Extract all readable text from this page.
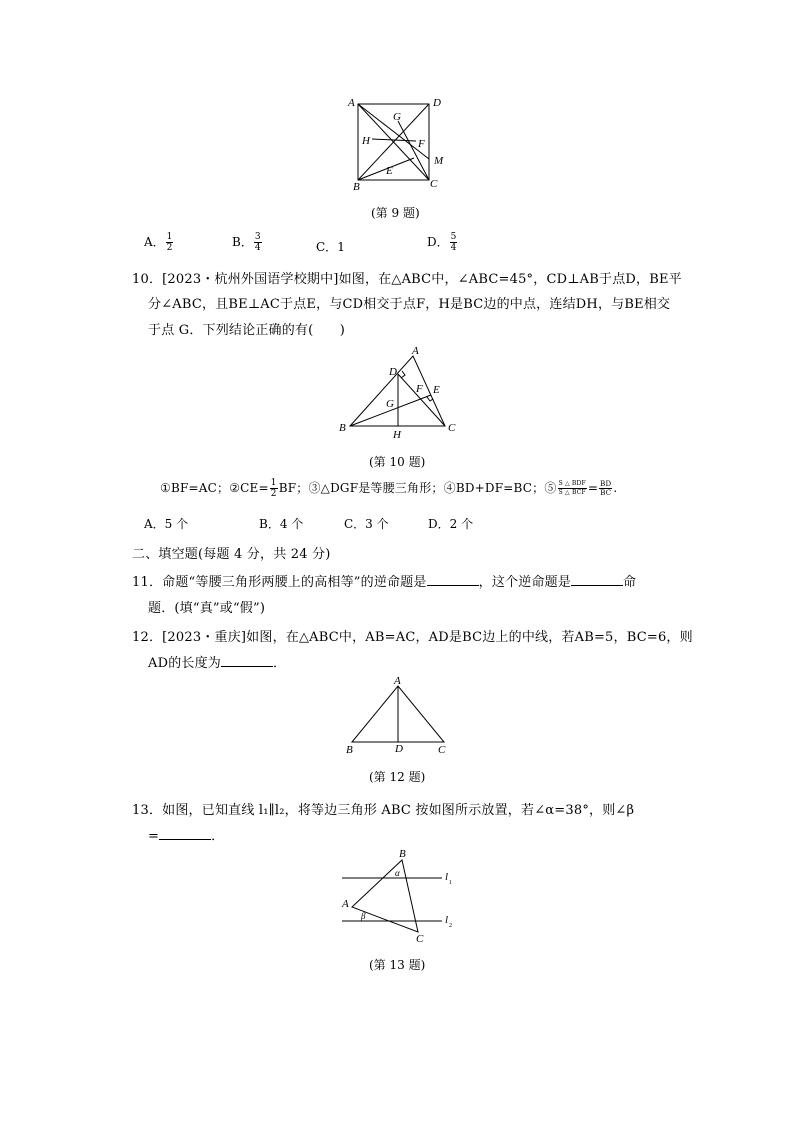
A	D
G
H	F
M
E
B	C
(第 9 题)
A． $\frac{1}{2}$	B． $\frac{3}{4}$	C．1	D． $\frac{5}{4}$
10．[2023・杭州外国语学校期中]如图，在△ABC中，∠ABC=45°，CD⊥AB于点D，BE平
分∠ABC，且BE⊥AC于点E，与CD相交于点F，H是BC边的中点，连结DH，与BE相交
于点 G．下列结论正确的有(　　)
A
D
F E
G
B	C
H
(第 10 题)
①BF=AC；②CE= $\frac{1}{2}$ BF；③△DGF是等腰三角形；④BD+DF=BC；⑤ $\frac{\text{S △ BDF}}{\text{S △ BCF}} = \frac{BD}{BC}$ .
A．5 个	B．4 个	C．3 个	D．2 个
二、填空题(每题 4 分，共 24 分)
11．命题“等腰三角形两腰上的高相等”的逆命题是	，这个逆命题是	命
题．(填“真”或“假”)
12．[2023・重庆]如图，在△ABC中，AB=AC，AD是BC边上的中线，若AB=5，BC=6，则
AD的长度为	．
A
B	D	C
(第 12 题)
13．如图，已知直线 l₁∥l₂，将等边三角形 ABC 按如图所示放置，若∠α=38°，则∠β
=	．
B
α	l 1
A
β	l 2
C
(第 13 题)
